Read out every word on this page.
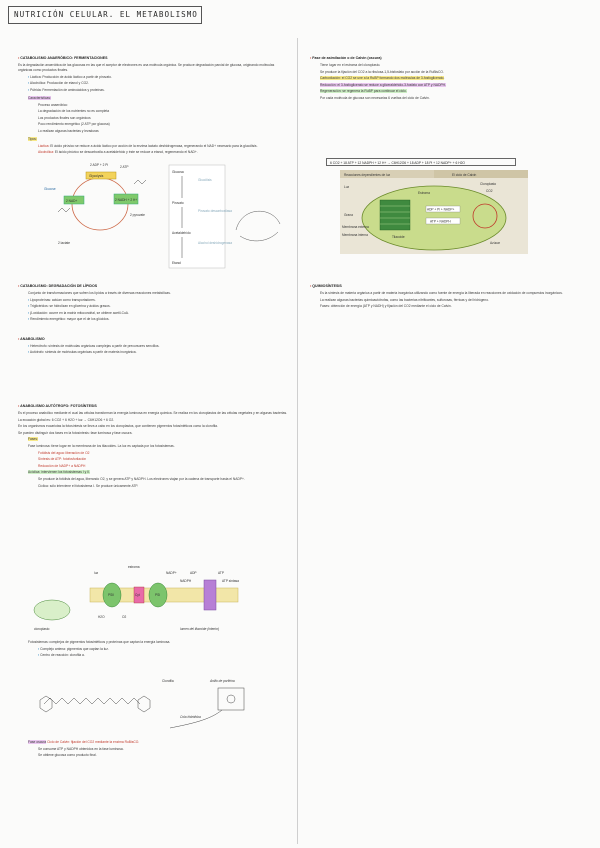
NUTRICIÓN CELULAR. EL METABOLISMO
• CATABOLISMO ANAERÓBICO: FERMENTACIONES

Es la degradación anaeróbica de las glucosas en las que el aceptor de electrones es una molécula orgánica. Se produce degradación parcial de glucosa, originando moléculas orgánicas como productos finales.

▪ Láctica: Producción de ácido láctico a partir de piruvato.

▪ Alcohólica: Producción de etanol y CO2.

▪ Pútrida: Fermentación de aminoácidos y proteínas.

Características:

Proceso anaeróbico

La degradación de los nutrientes no es completa

Los productos finales son orgánicos

Poco rendimiento energético (2 ATP por glucosa)

Lo realizan algunas bacterias y levaduras

Tipos:

Láctica: El ácido pirúvico se reduce a ácido láctico por acción de la enzima lactato deshidrogenasa, regenerando el NAD+ necesario para la glucólisis.

Alcohólica: El ácido pirúvico se descarboxila a acetaldehído y éste se reduce a etanol, regenerando el NAD+.

Glycolysis
2 ADP + 2 Pi	2 ATP
Glucose
2 NAD+	2 NADH + 2 H+
2 pyruvate
2 lactate
Glucosa
Glucólisis
Piruvato
Piruvato descarboxilasa
Acetaldehído
Alcohol deshidrogenasa
Etanol
• CATABOLISMO: DEGRADACIÓN DE LÍPIDOS

Conjunto de transformaciones que sufren los lípidos a través de diversas reacciones metabólicas.

▪ Lipoproteínas: actúan como transportadores.

▪ Triglicéridos: se hidrolizan en glicerina y ácidos grasos.

▪ β-oxidación: ocurre en la matriz mitocondrial, se obtiene acetil-CoA.

▪ Rendimiento energético: mayor que el de los glúcidos.

• ANABOLISMO

▪ Heterótrofo: síntesis de moléculas orgánicas complejas a partir de precursores sencillos.

▪ Autótrofo: síntesis de moléculas orgánicas a partir de materia inorgánica.

• ANABOLISMO AUTÓTROFO: FOTOSÍNTESIS

Es el proceso anabólico mediante el cual las células transforman la energía luminosa en energía química. Se realiza en los cloroplastos de las células vegetales y en algunas bacterias.

La ecuación global es: 6 CO2 + 6 H2O + luz → C6H12O6 + 6 O2.

En los organismos eucariotas la fotosíntesis se lleva a cabo en los cloroplastos, que contienen pigmentos fotosintéticos como la clorofila.

Se pueden distinguir dos fases en la fotosíntesis: fase luminosa y fase oscura.

Fases:

Fase luminosa: tiene lugar en la membrana de los tilacoides. La luz es captada por los fotosistemas.

Fotólisis del agua: liberación de O2

Síntesis de ATP: fotofosforilación

Reducción de NADP+ a NADPH

Acíclica: intervienen los fotosistemas I y II.

Se produce la fotólisis del agua, liberando O2, y se genera ATP y NADPH. Los electrones viajan por la cadena de transporte hasta el NADP+.

Cíclica: sólo interviene el fotosistema I. Se produce únicamente ATP.

estroma
PSII	PSI
Cyt
ATP
ATP sintasa
ADP
NADP+
NADPH
luz
H2O	O2
lumen del tilacoide (interior)
cloroplasto

Fotosistemas: complejos de pigmentos fotosintéticos y proteínas que captan la energía luminosa.

▪ Complejo antena: pigmentos que captan la luz.

▪ Centro de reacción: clorofila a.

Clorofila	Anillo de porfirina
Cola hidrófoba

Fase oscura Ciclo de Calvin: fijación del CO2 mediante la enzima RuBisCO.

Se consume ATP y NADPH obtenidos en la fase luminosa.

Se obtiene glucosa como producto final.

• Fase de asimilación o de Calvin (oscura)

Tiene lugar en el estroma del cloroplasto.

Se produce la fijación del CO2 a la ribulosa-1,5-bisfosfato por acción de la RuBisCO.

Carboxilación: el CO2 se une a la RuBP formando dos moléculas de 3-fosfoglicerato.

Reducción: el 3-fosfoglicerato se reduce a gliceraldehído-3-fosfato con ATP y NADPH.

Regeneración: se regenera la RuBP para continuar el ciclo.

Por cada molécula de glucosa son necesarias 6 vueltas del ciclo de Calvin.

6 CO2 + 18 ATP + 12 NADPH + 12 H+ → C6H12O6 + 18 ADP + 18 Pi + 12 NADP+ + 6 H2O
Reacciones dependientes de luz	El ciclo de Calvin
ADP + Pi + NADP+
ATP + NADPH
CO2
Azúcar
Cloroplasto
Estroma
Tilacoide
Grana
Membrana externa
Membrana interna
Luz
• QUIMIOSÍNTESIS

Es la síntesis de materia orgánica a partir de materia inorgánica utilizando como fuente de energía la liberada en reacciones de oxidación de compuestos inorgánicos.

La realizan algunas bacterias quimioautótrofas, como las bacterias nitrificantes, sulfurosas, férricas y del hidrógeno.

Fases: obtención de energía (ATP y NADH) y fijación del CO2 mediante el ciclo de Calvin.
